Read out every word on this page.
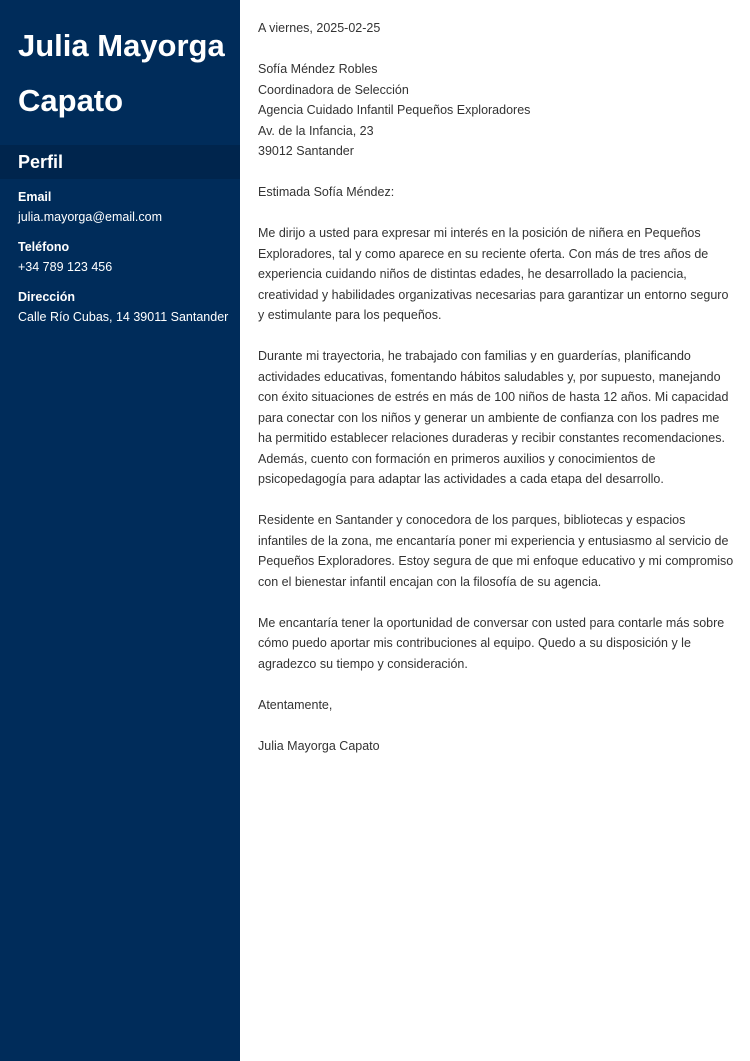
Julia Mayorga Capato
Perfil
Email
julia.mayorga@email.com
Teléfono
+34 789 123 456
Dirección
Calle Río Cubas, 14 39011 Santander

A viernes, 2025-02-25

Sofía Méndez Robles

Coordinadora de Selección

Agencia Cuidado Infantil Pequeños Exploradores

Av. de la Infancia, 23

39012 Santander

Estimada Sofía Méndez:

Me dirijo a usted para expresar mi interés en la posición de niñera en Pequeños Exploradores, tal y como aparece en su reciente oferta. Con más de tres años de experiencia cuidando niños de distintas edades, he desarrollado la paciencia, creatividad y habilidades organizativas necesarias para garantizar un entorno seguro y estimulante para los pequeños.

Durante mi trayectoria, he trabajado con familias y en guarderías, planificando actividades educativas, fomentando hábitos saludables y, por supuesto, manejando con éxito situaciones de estrés en más de 100 niños de hasta 12 años. Mi capacidad para conectar con los niños y generar un ambiente de confianza con los padres me ha permitido establecer relaciones duraderas y recibir constantes recomendaciones. Además, cuento con formación en primeros auxilios y conocimientos de psicopedagogía para adaptar las actividades a cada etapa del desarrollo.

Residente en Santander y conocedora de los parques, bibliotecas y espacios infantiles de la zona, me encantaría poner mi experiencia y entusiasmo al servicio de Pequeños Exploradores. Estoy segura de que mi enfoque educativo y mi compromiso con el bienestar infantil encajan con la filosofía de su agencia.

Me encantaría tener la oportunidad de conversar con usted para contarle más sobre cómo puedo aportar mis contribuciones al equipo. Quedo a su disposición y le agradezco su tiempo y consideración.

Atentamente,

Julia Mayorga Capato
